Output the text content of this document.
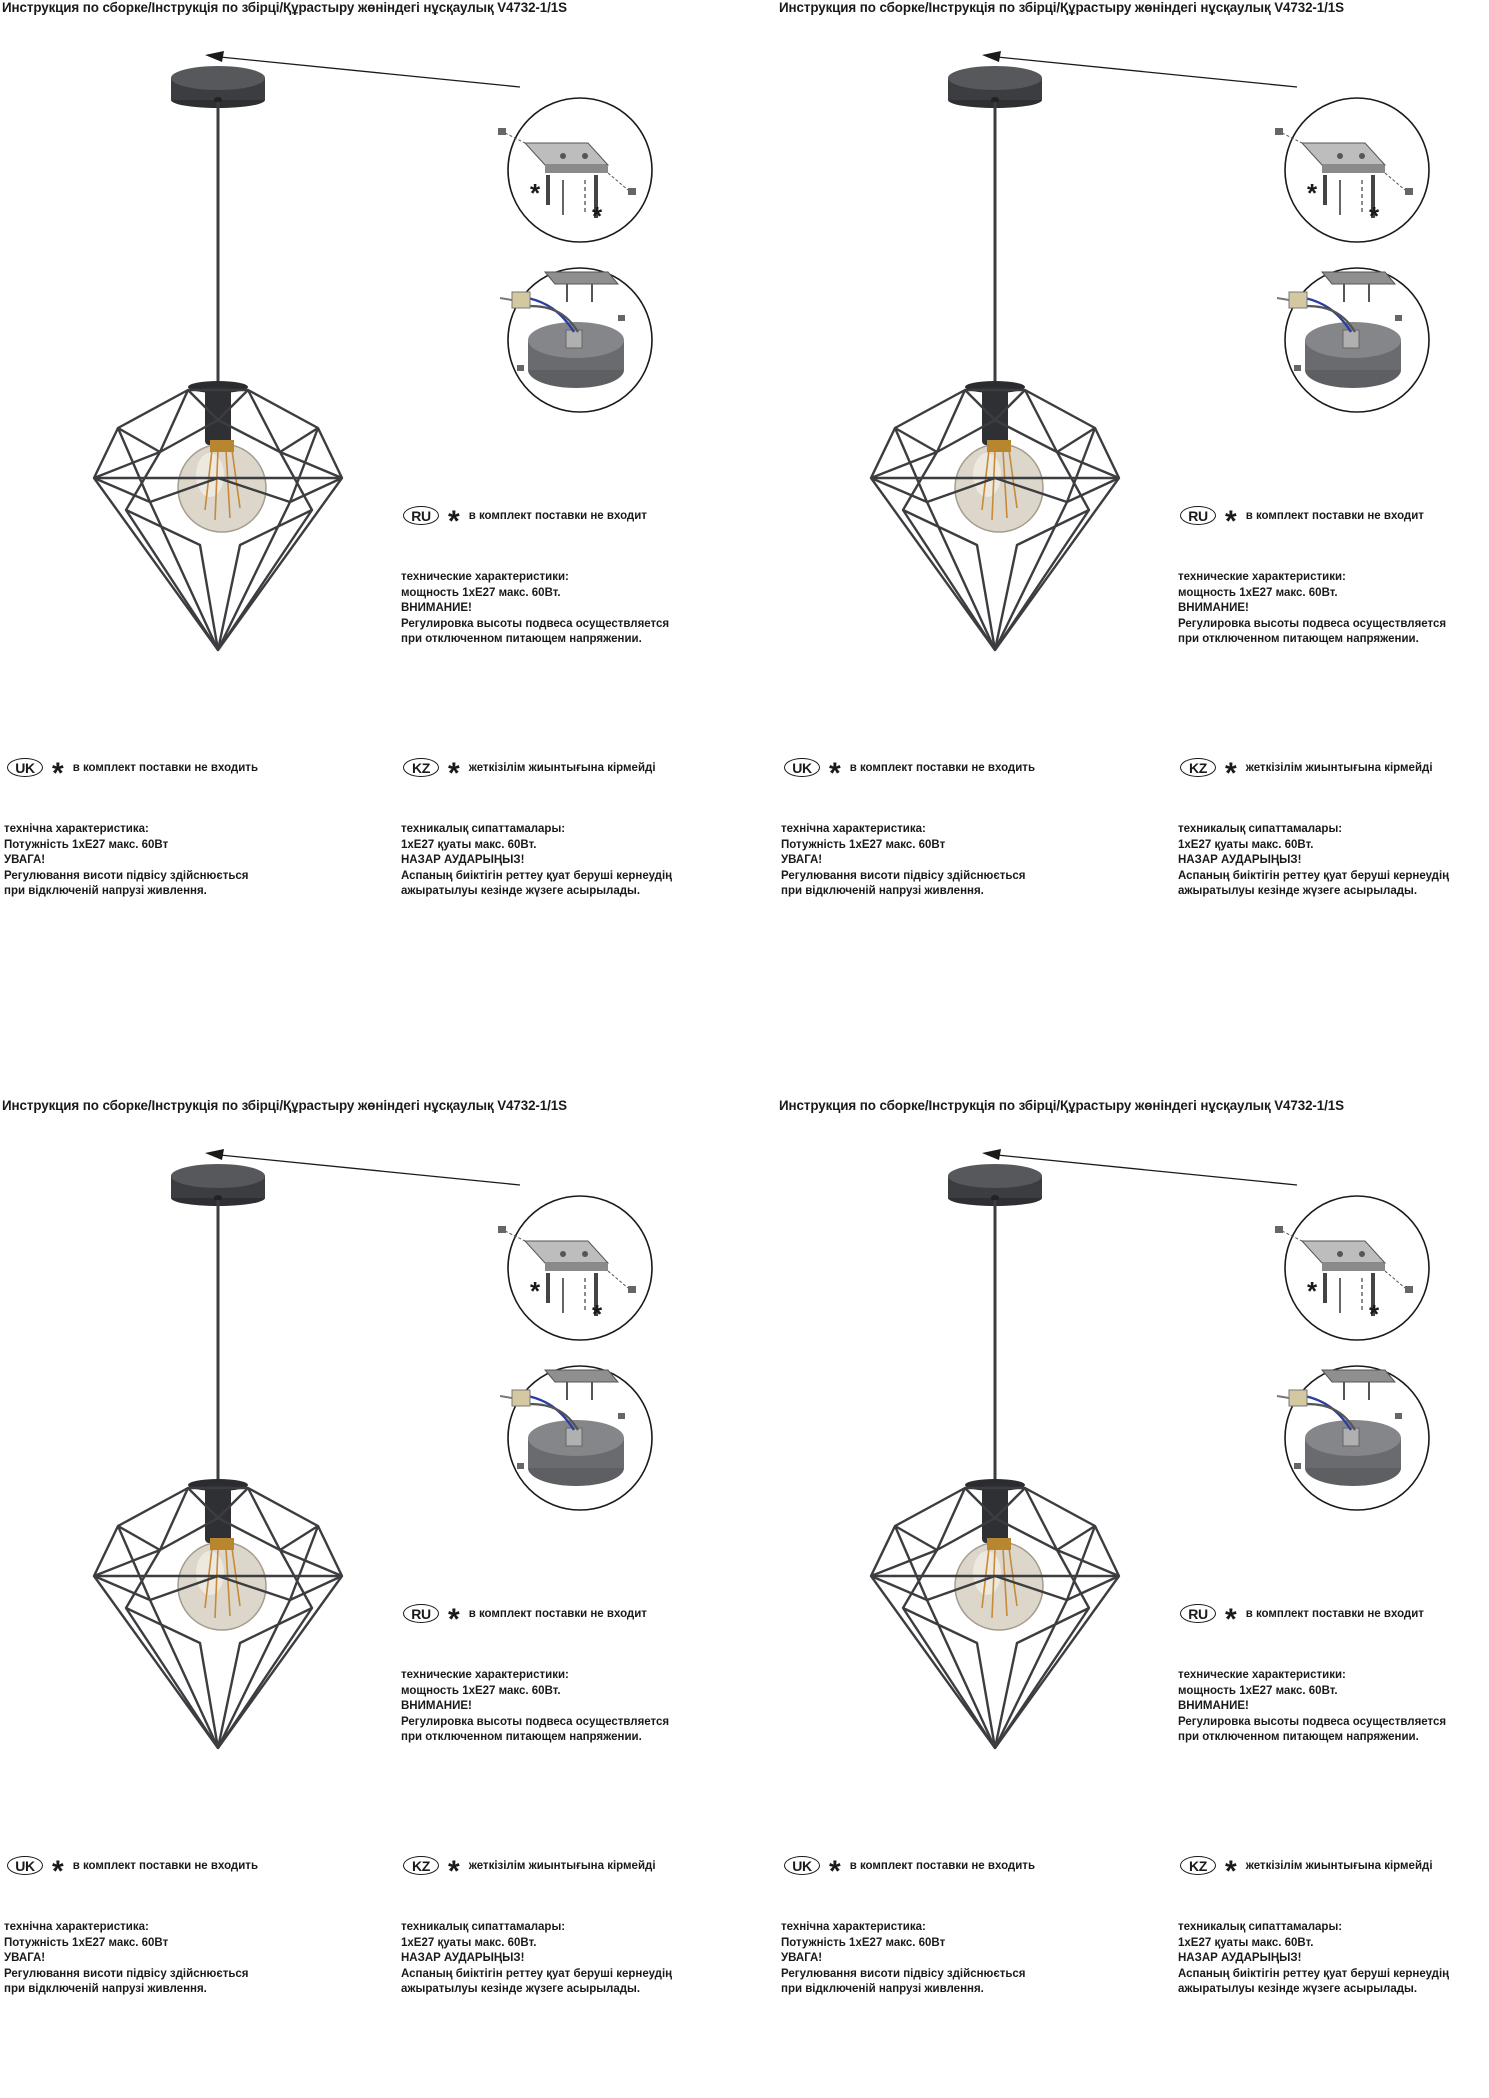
Инструкция по сборке/Інструкція по збірці/Құрастыру жөніндегі нұсқаулық V4732-1/1S
*
*
RU * в комплект поставки не входит
технические характеристики:
мощность 1хЕ27 макс. 60Вт.
ВНИМАНИЕ!
Регулировка высоты подвеса осуществляется
при отключенном питающем напряжении.
UK * в комплект поставки не входить
технічна характеристика:
Потужність 1хЕ27 макс. 60Вт
УВАГА!
Регулювання висоти підвісу здійснюється
при відключеній напрузі живлення.
KZ * жеткізілім жиынтығына кірмейді
техникалық сипаттамалары:
1хЕ27 қуаты макс. 60Вт.
НАЗАР АУДАРЫҢЫЗ!
Аспаның биіктігін реттеу қуат беруші кернеудің
ажыратылуы кезінде жүзеге асырылады.
Инструкция по сборке/Інструкція по збірці/Құрастыру жөніндегі нұсқаулық V4732-1/1S
*
*
RU * в комплект поставки не входит
технические характеристики:
мощность 1хЕ27 макс. 60Вт.
ВНИМАНИЕ!
Регулировка высоты подвеса осуществляется
при отключенном питающем напряжении.
UK * в комплект поставки не входить
технічна характеристика:
Потужність 1хЕ27 макс. 60Вт
УВАГА!
Регулювання висоти підвісу здійснюється
при відключеній напрузі живлення.
KZ * жеткізілім жиынтығына кірмейді
техникалық сипаттамалары:
1хЕ27 қуаты макс. 60Вт.
НАЗАР АУДАРЫҢЫЗ!
Аспаның биіктігін реттеу қуат беруші кернеудің
ажыратылуы кезінде жүзеге асырылады.
Инструкция по сборке/Інструкція по збірці/Құрастыру жөніндегі нұсқаулық V4732-1/1S
*
*
RU * в комплект поставки не входит
технические характеристики:
мощность 1хЕ27 макс. 60Вт.
ВНИМАНИЕ!
Регулировка высоты подвеса осуществляется
при отключенном питающем напряжении.
UK * в комплект поставки не входить
технічна характеристика:
Потужність 1хЕ27 макс. 60Вт
УВАГА!
Регулювання висоти підвісу здійснюється
при відключеній напрузі живлення.
KZ * жеткізілім жиынтығына кірмейді
техникалық сипаттамалары:
1хЕ27 қуаты макс. 60Вт.
НАЗАР АУДАРЫҢЫЗ!
Аспаның биіктігін реттеу қуат беруші кернеудің
ажыратылуы кезінде жүзеге асырылады.
Инструкция по сборке/Інструкція по збірці/Құрастыру жөніндегі нұсқаулық V4732-1/1S
*
*
RU * в комплект поставки не входит
технические характеристики:
мощность 1хЕ27 макс. 60Вт.
ВНИМАНИЕ!
Регулировка высоты подвеса осуществляется
при отключенном питающем напряжении.
UK * в комплект поставки не входить
технічна характеристика:
Потужність 1хЕ27 макс. 60Вт
УВАГА!
Регулювання висоти підвісу здійснюється
при відключеній напрузі живлення.
KZ * жеткізілім жиынтығына кірмейді
техникалық сипаттамалары:
1хЕ27 қуаты макс. 60Вт.
НАЗАР АУДАРЫҢЫЗ!
Аспаның биіктігін реттеу қуат беруші кернеудің
ажыратылуы кезінде жүзеге асырылады.
